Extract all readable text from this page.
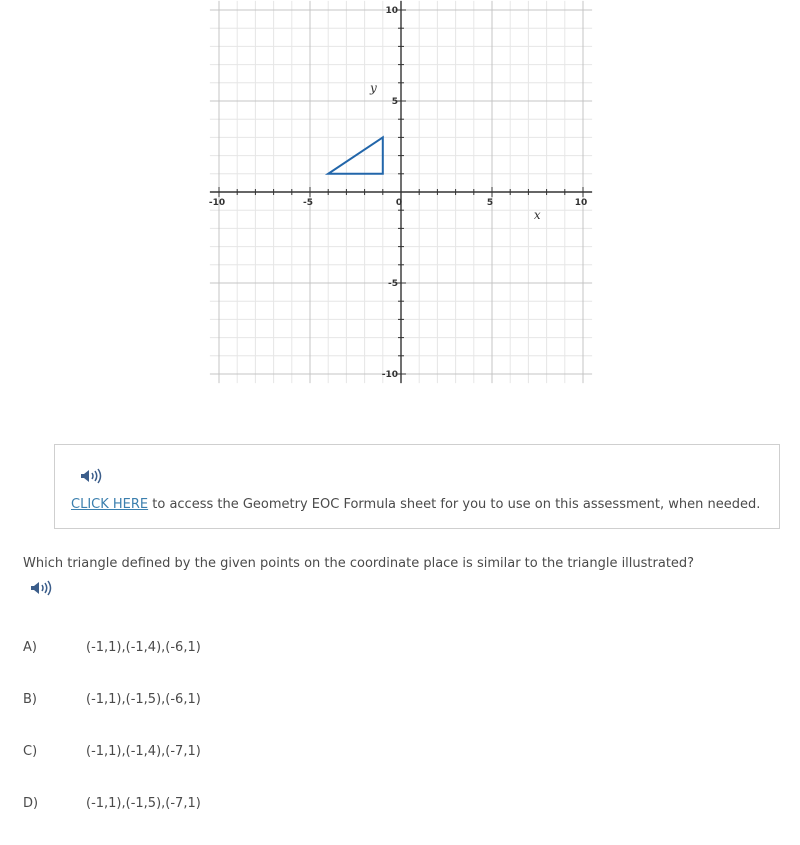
-10	-5	0	5	10
10
5
-5
-10
x
y
CLICK HERE to access the Geometry EOC Formula sheet for you to use on this assessment, when needed.
Which triangle defined by the given points on the coordinate place is similar to the triangle illustrated?
A)	(-1,1),(-1,4),(-6,1)
B)	(-1,1),(-1,5),(-6,1)
C)	(-1,1),(-1,4),(-7,1)
D)	(-1,1),(-1,5),(-7,1)
